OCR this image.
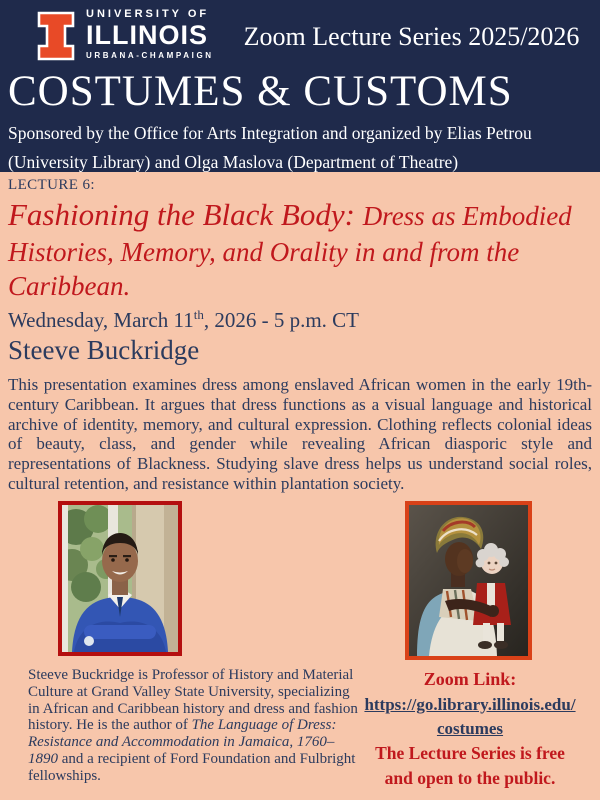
UNIVERSITY OF
ILLINOIS
URBANA-CHAMPAIGN
Zoom Lecture Series 2025/2026
COSTUMES & CUSTOMS
Sponsored by the Office for Arts Integration and organized by Elias Petrou
(University Library) and Olga Maslova (Department of Theatre)
LECTURE 6:
Fashioning the Black Body: Dress as Embodied Histories, Memory, and Orality in and from the Caribbean.
Wednesday, March 11th, 2026 - 5 p.m. CT
Steeve Buckridge
This presentation examines dress among enslaved African women in the early 19th-century Caribbean. It argues that dress functions as a visual language and historical archive of identity, memory, and cultural expression. Clothing reflects colonial ideas of beauty, class, and gender while revealing African diasporic style and representations of Blackness. Studying slave dress helps us understand social roles, cultural retention, and resistance within plantation society.
Steeve Buckridge is Professor of History and Material Culture at Grand Valley State University, specializing in African and Caribbean history and dress and fashion history. He is the author of The Language of Dress: Resistance and Accommodation in Jamaica, 1760–1890 and a recipient of Ford Foundation and Fulbright fellowships.
Zoom Link:
https://go.library.illinois.edu/costumes
The Lecture Series is free
and open to the public.
